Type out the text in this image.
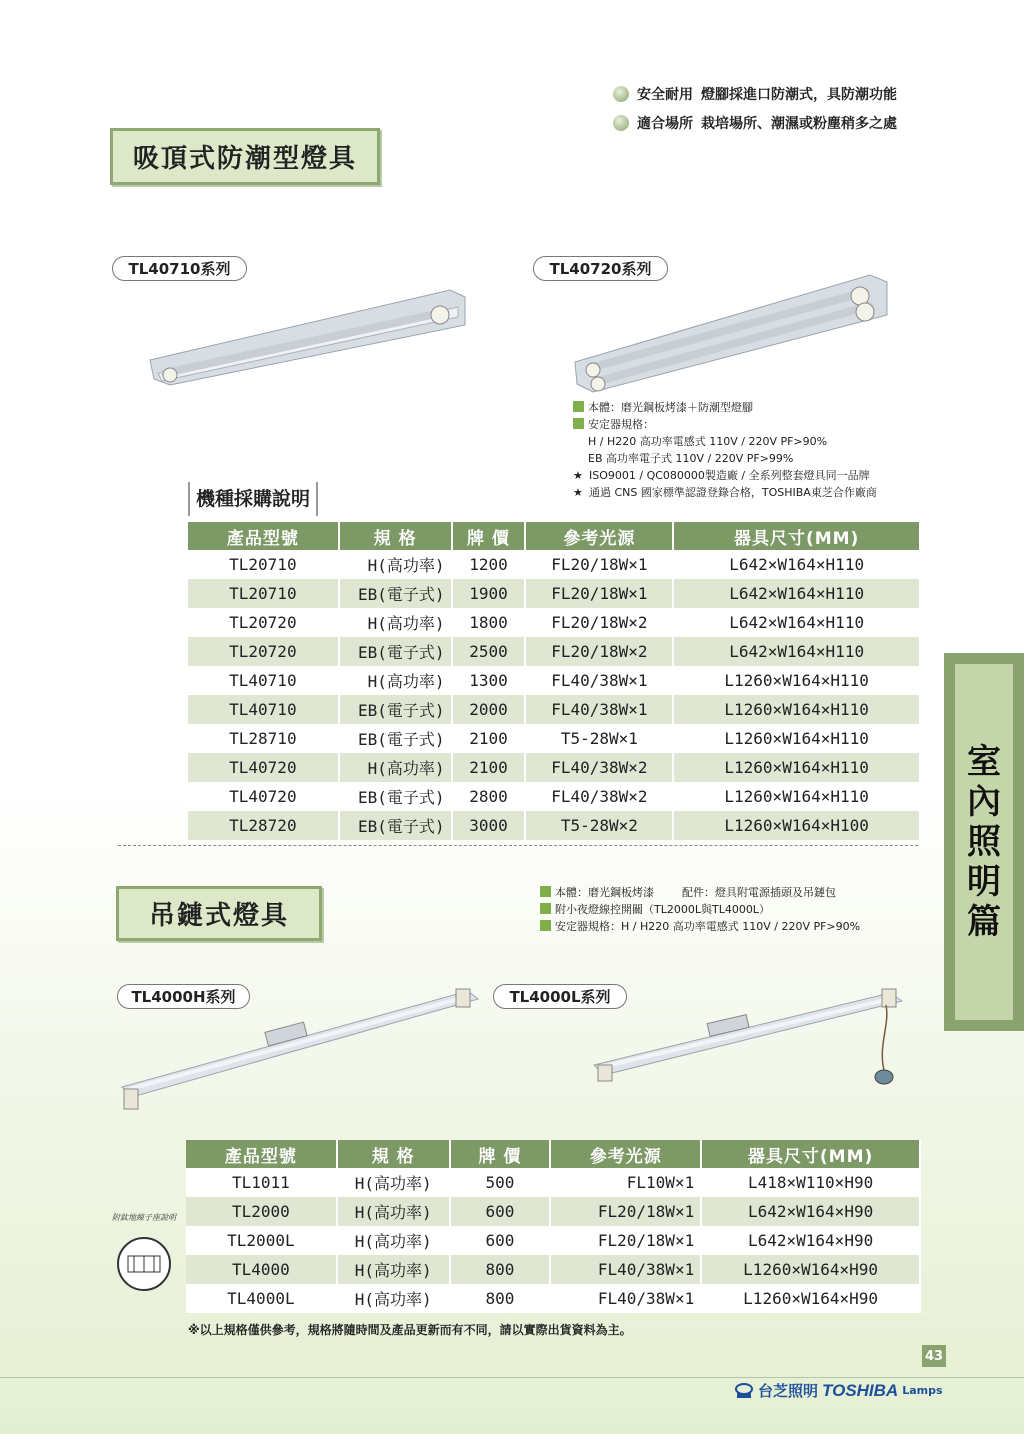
安全耐用 燈腳採進口防潮式，具防潮功能
適合場所 栽培場所、潮濕或粉塵稍多之處
吸頂式防潮型燈具
TL40710系列	TL40720系列
本體：磨光鋼板烤漆＋防潮型燈腳
安定器規格：
H / H220 高功率電感式 110V / 220V PF>90%
EB 高功率電子式 110V / 220V PF>99%
★ ISO9001 / QC080000製造廠 / 全系列整套燈具同一品牌
★ 通過 CNS 國家標準認證登錄合格，TOSHIBA東芝合作廠商
機種採購說明
產品型號	規 格	牌 價	參考光源	器具尺寸(MM)
TL20710	H(高功率)	1200	FL20/18W×1	L642×W164×H110
TL20710	EB(電子式)	1900	FL20/18W×1	L642×W164×H110
TL20720	H(高功率)	1800	FL20/18W×2	L642×W164×H110
TL20720	EB(電子式)	2500	FL20/18W×2	L642×W164×H110
TL40710	H(高功率)	1300	FL40/38W×1	L1260×W164×H110
TL40710	EB(電子式)	2000	FL40/38W×1	L1260×W164×H110
TL28710	EB(電子式)	2100	T5-28W×1	L1260×W164×H110
TL40720	H(高功率)	2100	FL40/38W×2	L1260×W164×H110
TL40720	EB(電子式)	2800	FL40/38W×2	L1260×W164×H110
TL28720	EB(電子式)	3000	T5-28W×2	L1260×W164×H100
吊鏈式燈具
本體：磨光鋼板烤漆        配件：燈具附電源插頭及吊鏈包
附小夜燈線控開關（TL2000L與TL4000L）
安定器規格：H / H220 高功率電感式 110V / 220V PF>90%
TL4000H系列	TL4000L系列
產品型號	規 格	牌 價	參考光源	器具尺寸(MM)
TL1011	H(高功率)	500	FL10W×1	L418×W110×H90
TL2000	H(高功率)	600	FL20/18W×1	L642×W164×H90
TL2000L	H(高功率)	600	FL20/18W×1	L642×W164×H90
TL4000	H(高功率)	800	FL40/38W×1	L1260×W164×H90
TL4000L	H(高功率)	800	FL40/38W×1	L1260×W164×H90
附鈦地線子座說明
室
內
照
明
篇
※以上規格僅供參考，規格將隨時間及產品更新而有不同，請以實際出貨資料為主。
43
台芝照明 TOSHIBA Lamps
